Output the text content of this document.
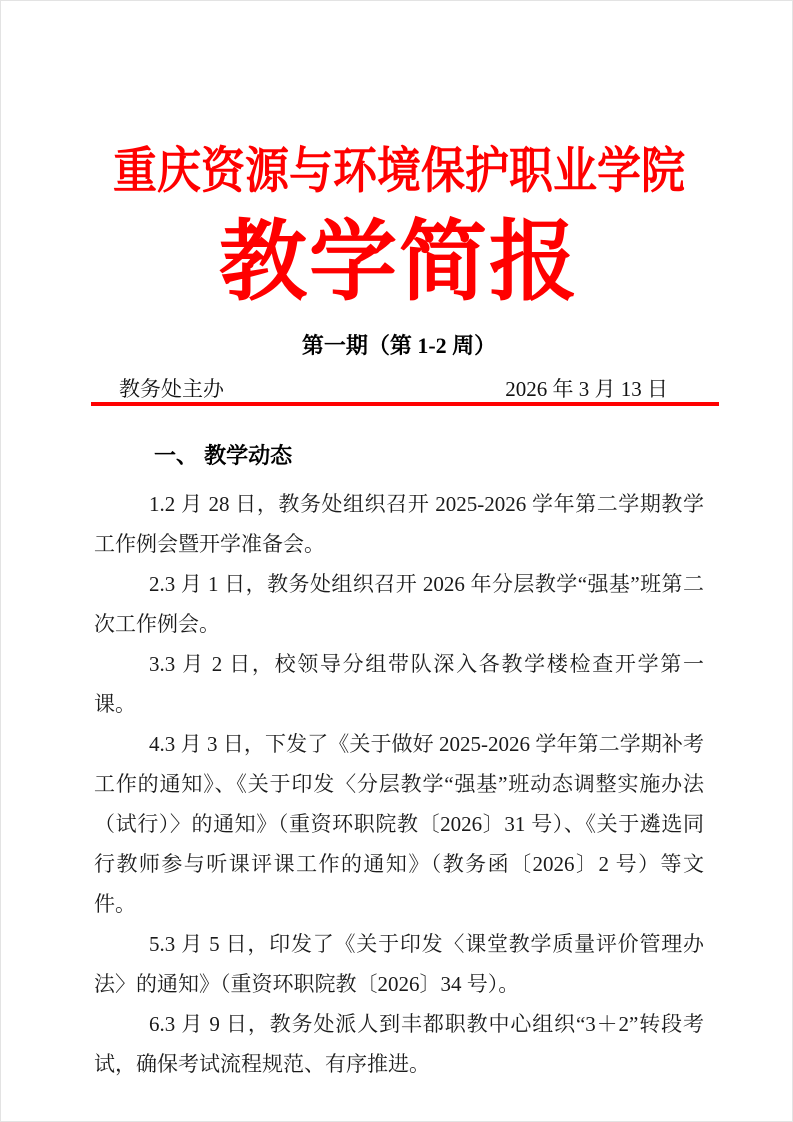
重庆资源与环境保护职业学院
教学简报
第一期（第 1-2 周）
教务处主办	2026 年 3 月 13 日
一、 教学动态

1.2 月 28 日，教务处组织召开 2025-2026 学年第二学期教学工作例会暨开学准备会。

2.3 月 1 日，教务处组织召开 2026 年分层教学“强基”班第二次工作例会。

3.3 月 2 日，校领导分组带队深入各教学楼检查开学第一课。

4.3 月 3 日，下发了《关于做好 2025-2026 学年第二学期补考工作的通知》、《关于印发〈分层教学“强基”班动态调整实施办法（试行）〉的通知》（重资环职院教〔2026〕31 号）、《关于遴选同行教师参与听课评课工作的通知》（教务函〔2026〕2 号）等文件。

5.3 月 5 日，印发了《关于印发〈课堂教学质量评价管理办法〉的通知》（重资环职院教〔2026〕34 号）。

6.3 月 9 日，教务处派人到丰都职教中心组织“3＋2”转段考试，确保考试流程规范、有序推进。
